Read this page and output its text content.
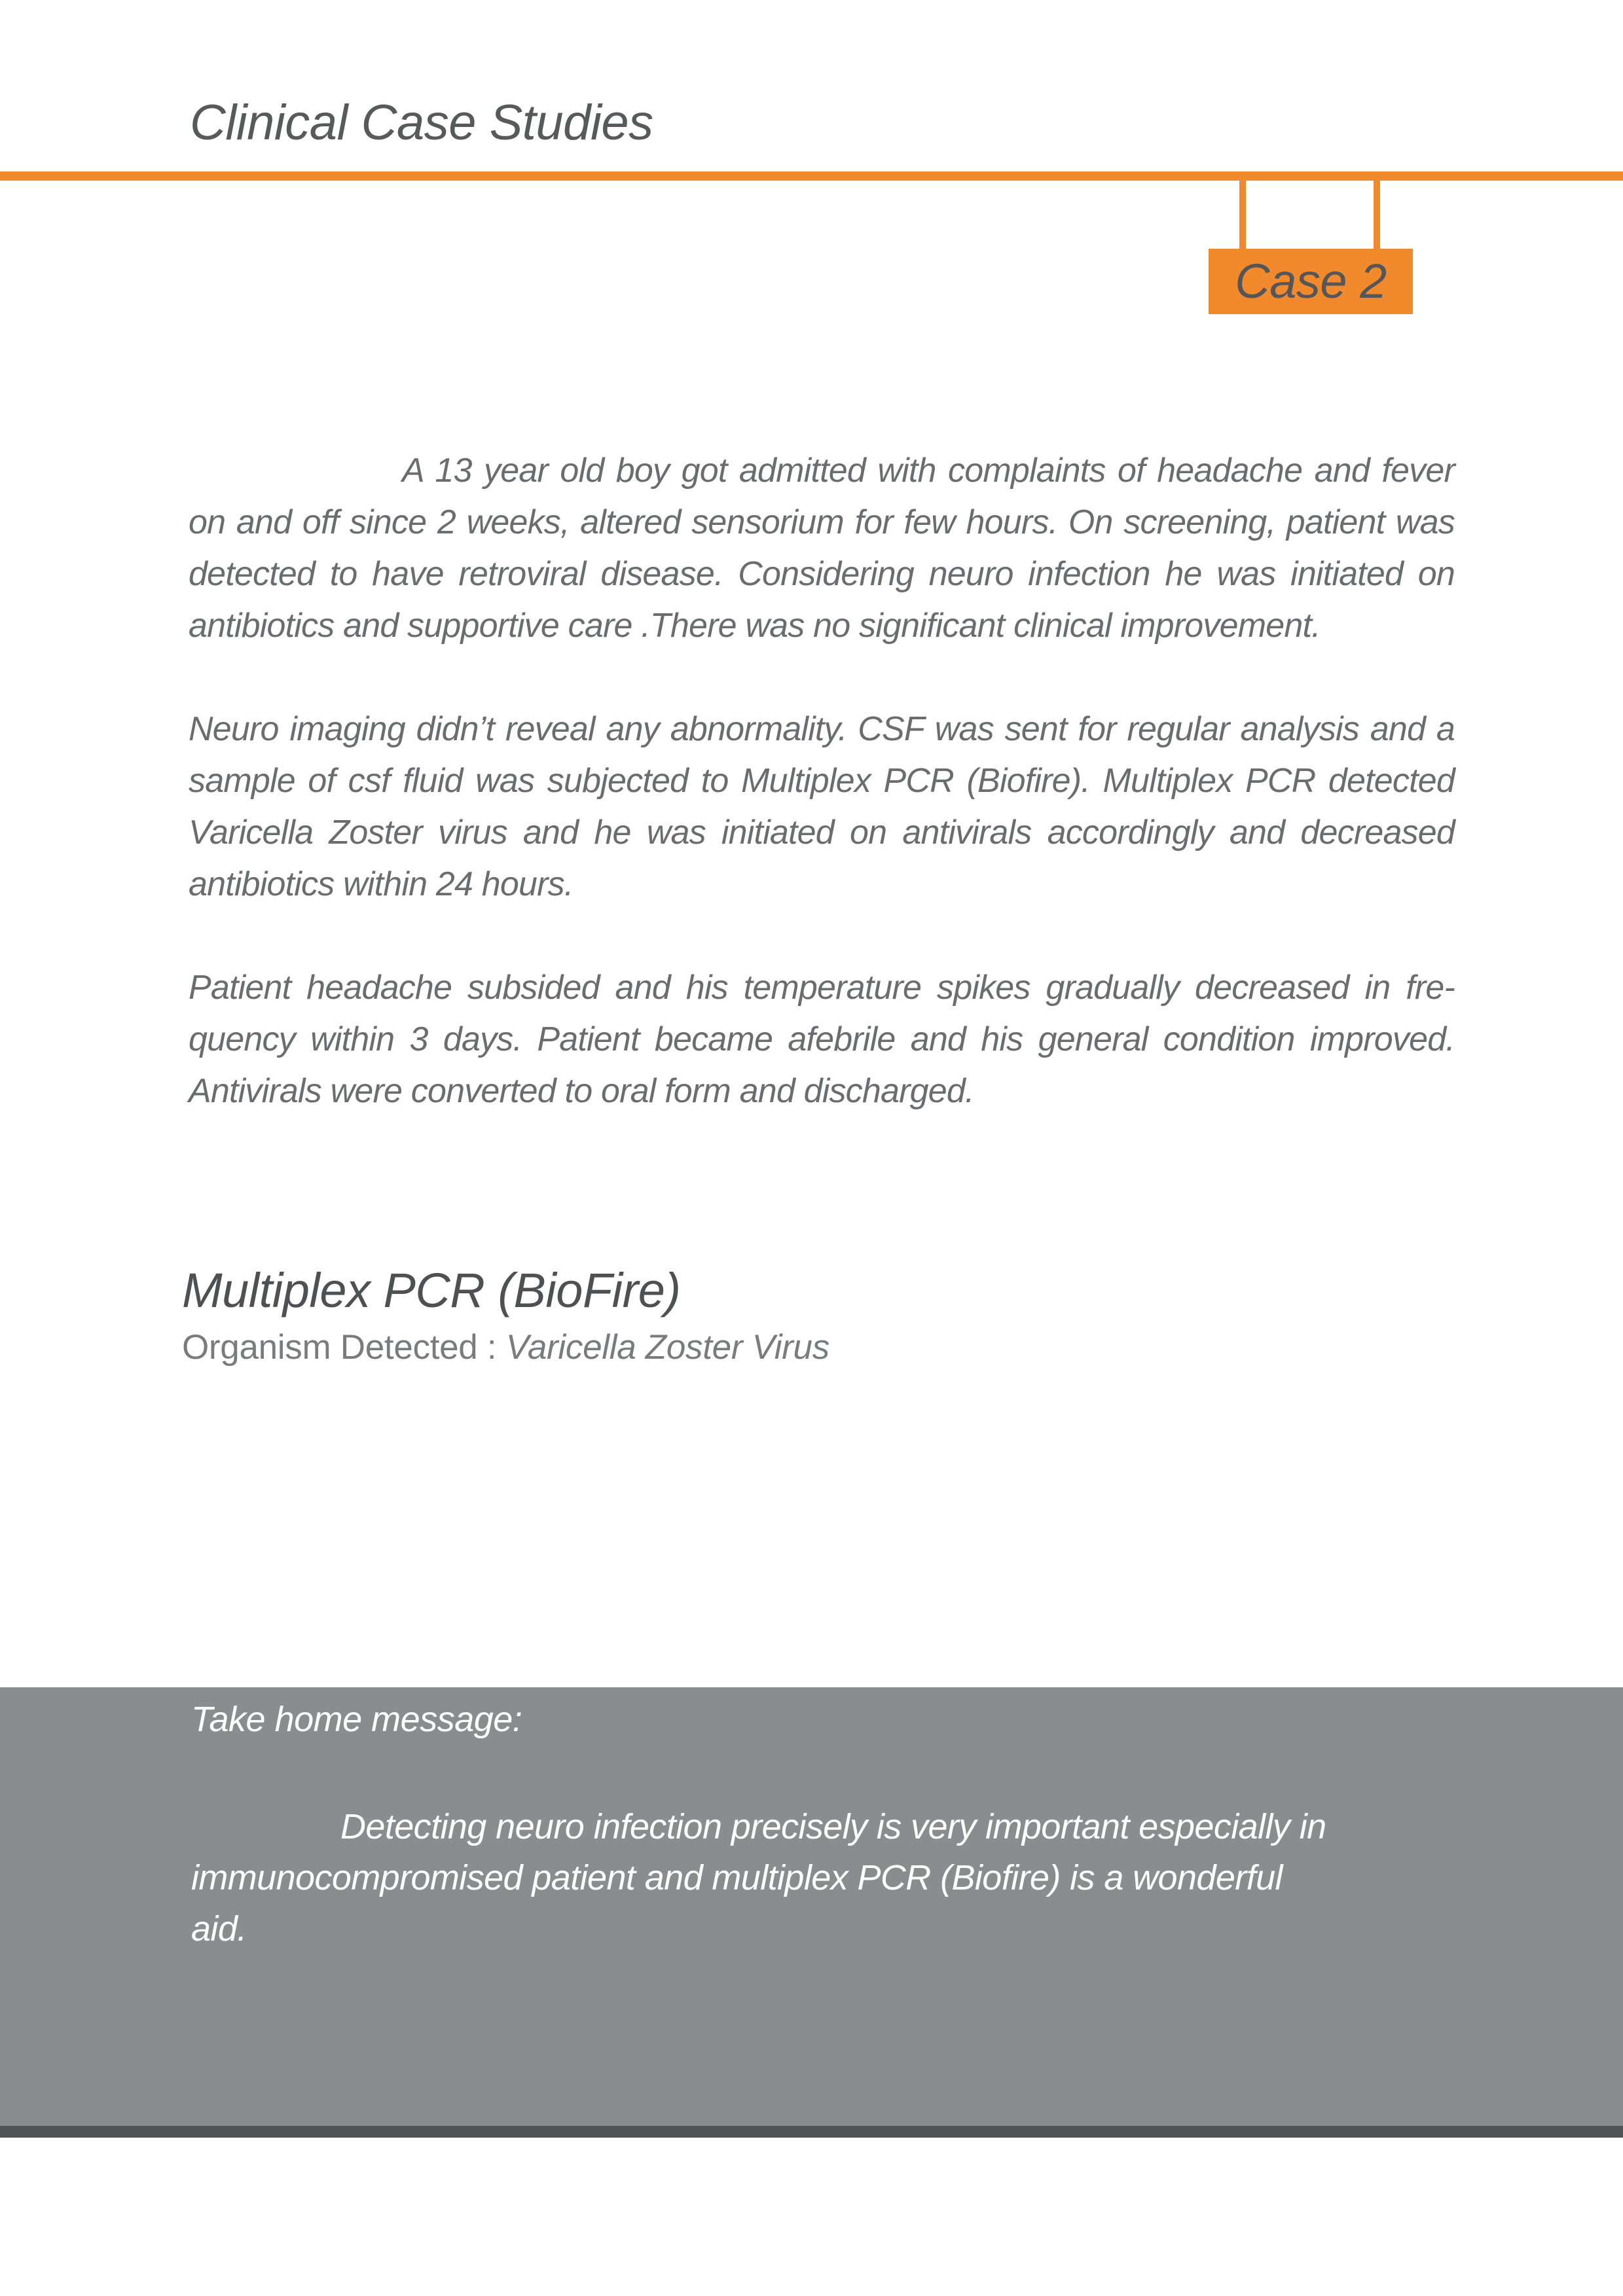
Clinical Case Studies
Case 2

A 13 year old boy got admitted with complaints of headache and fever on and off since 2 weeks, altered sensorium for few hours. On screening, patient was detected to have retroviral disease. Considering neuro infection he was initiated on antibiotics and supportive care .There was no significant clinical improvement.

Neuro imaging didn’t reveal any abnormality. CSF was sent for regular analysis and a sample of csf fluid was subjected to Multiplex PCR (Biofire). Multiplex PCR detected Varicella Zoster virus and he was initiated on antivirals accordingly and decreased antibiotics within 24 hours.

Patient headache subsided and his temperature spikes gradually decreased in fre-quency within 3 days. Patient became afebrile and his general condition improved. Antivirals were converted to oral form and discharged.

Multiplex PCR (BioFire)
Organism Detected : Varicella Zoster Virus
Take home message:

Detecting neuro infection precisely is very important especially in immunocompromised patient and multiplex PCR (Biofire) is a wonderful aid.
